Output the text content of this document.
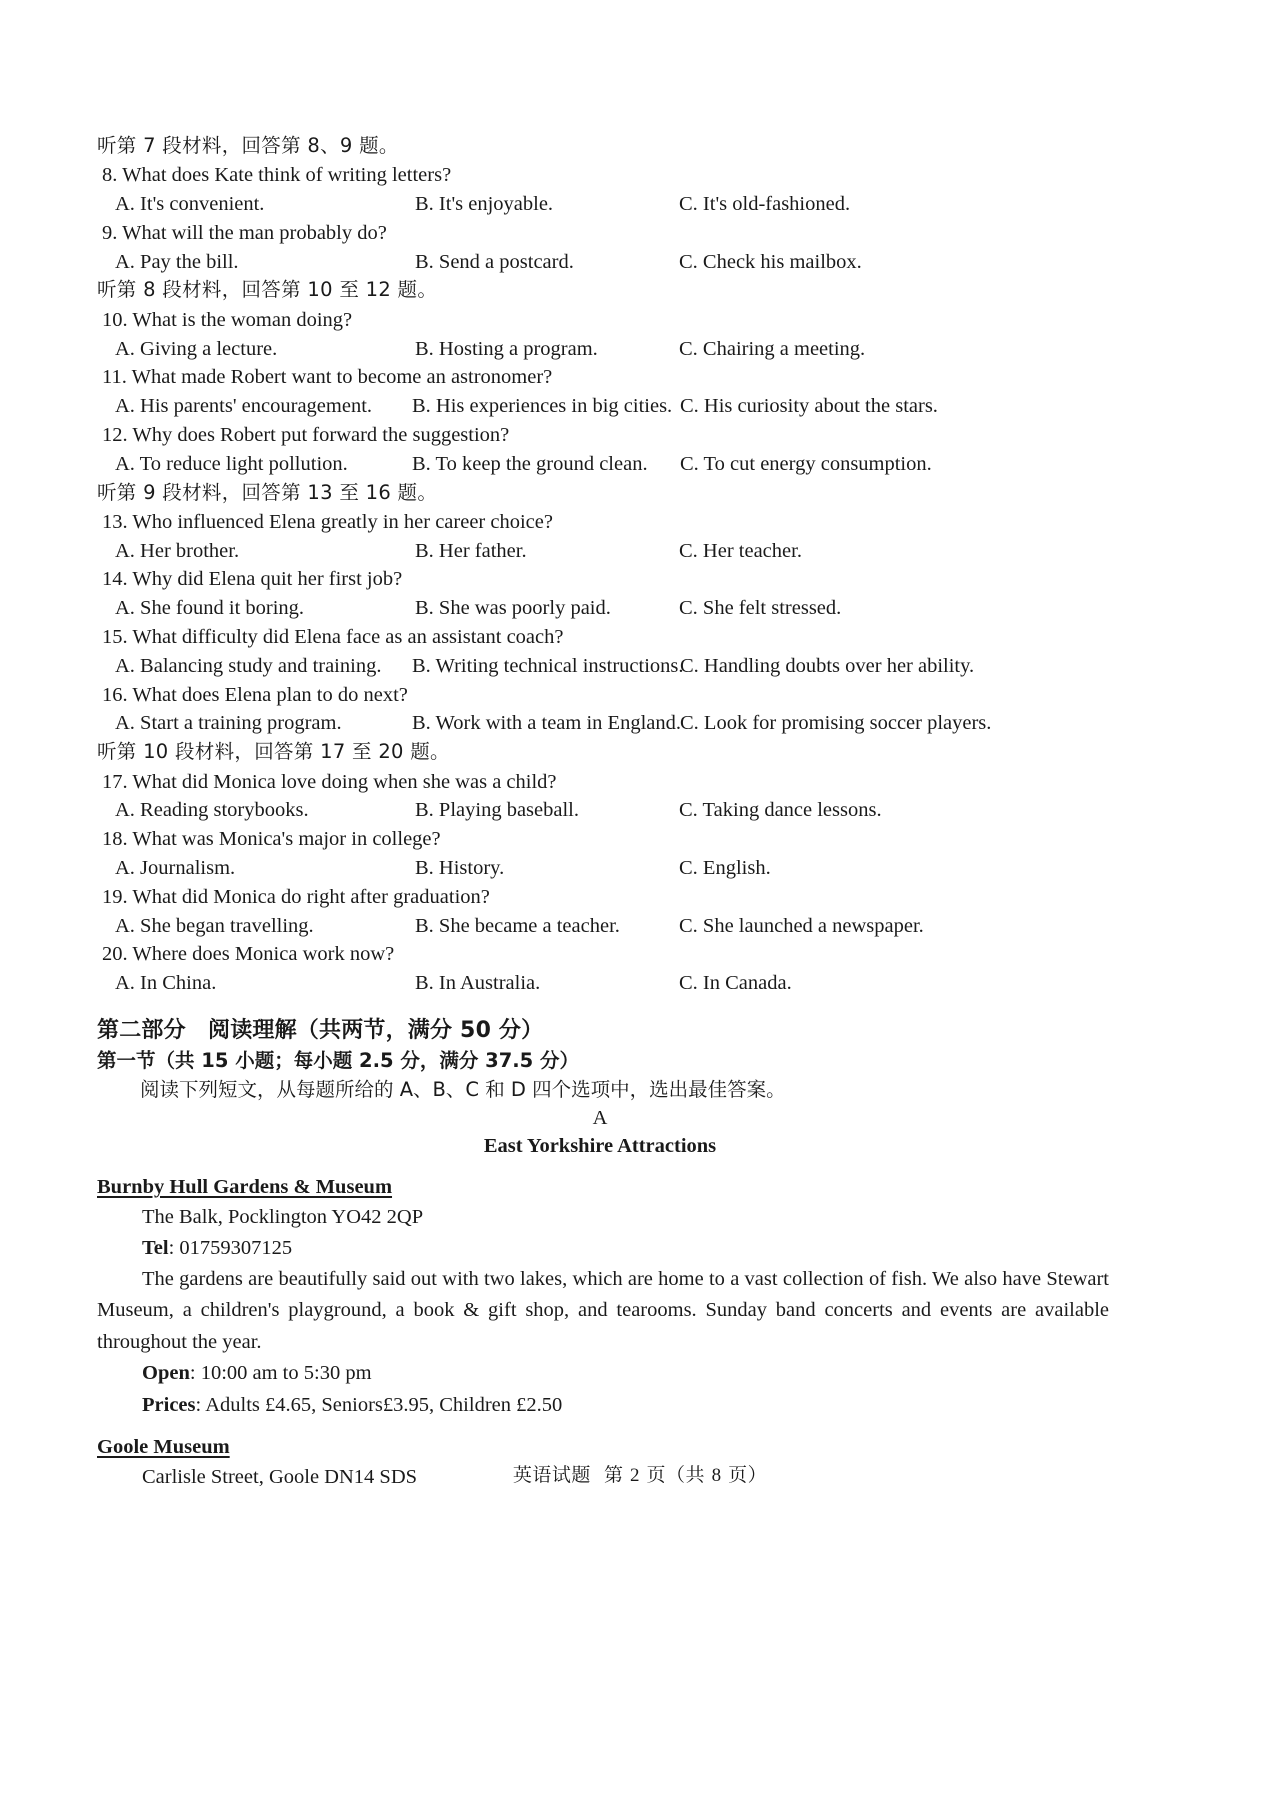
听第 7 段材料，回答第 8、9 题。

8. What does Kate think of writing letters?

A. It's convenient.	B. It's enjoyable.	C. It's old-fashioned.

9. What will the man probably do?

A. Pay the bill.	B. Send a postcard.	C. Check his mailbox.

听第 8 段材料，回答第 10 至 12 题。

10. What is the woman doing?

A. Giving a lecture.	B. Hosting a program.	C. Chairing a meeting.

11. What made Robert want to become an astronomer?

A. His parents' encouragement.	B. His experiences in big cities. C. His curiosity about the stars.

12. Why does Robert put forward the suggestion?

A. To reduce light pollution.	B. To keep the ground clean.	C. To cut energy consumption.

听第 9 段材料，回答第 13 至 16 题。

13. Who influenced Elena greatly in her career choice?

A. Her brother.	B. Her father.	C. Her teacher.

14. Why did Elena quit her first job?

A. She found it boring.	B. She was poorly paid.	C. She felt stressed.

15. What difficulty did Elena face as an assistant coach?

A. Balancing study and training.	B. Writing technical instructions.
C. Handling doubts over her ability.

16. What does Elena plan to do next?

A. Start a training program.	B. Work with a team in England. C. Look for promising soccer players.

听第 10 段材料，回答第 17 至 20 题。

17. What did Monica love doing when she was a child?

A. Reading storybooks.	B. Playing baseball.	C. Taking dance lessons.

18. What was Monica's major in college?

A. Journalism.	B. History.	C. English.

19. What did Monica do right after graduation?

A. She began travelling.	B. She became a teacher.	C. She launched a newspaper.

20. Where does Monica work now?

A. In China.	B. In Australia.	C. In Canada.

第二部分　阅读理解（共两节，满分 50 分）

第一节（共 15 小题；每小题 2.5 分，满分 37.5 分）

阅读下列短文，从每题所给的 A、B、C 和 D 四个选项中，选出最佳答案。

A

East Yorkshire Attractions

Burnby Hull Gardens & Museum

The Balk, Pocklington YO42 2QP

Tel: 01759307125

The gardens are beautifully said out with two lakes, which are home to a vast collection of fish. We also have Stewart Museum, a children's playground, a book & gift shop, and tearooms. Sunday band concerts and events are available throughout the year.

Open: 10:00 am to 5:30 pm

Prices: Adults £4.65, Seniors£3.95, Children £2.50

Goole Museum

Carlisle Street, Goole DN14 SDS	英语试题 第 2 页（共 8 页）
